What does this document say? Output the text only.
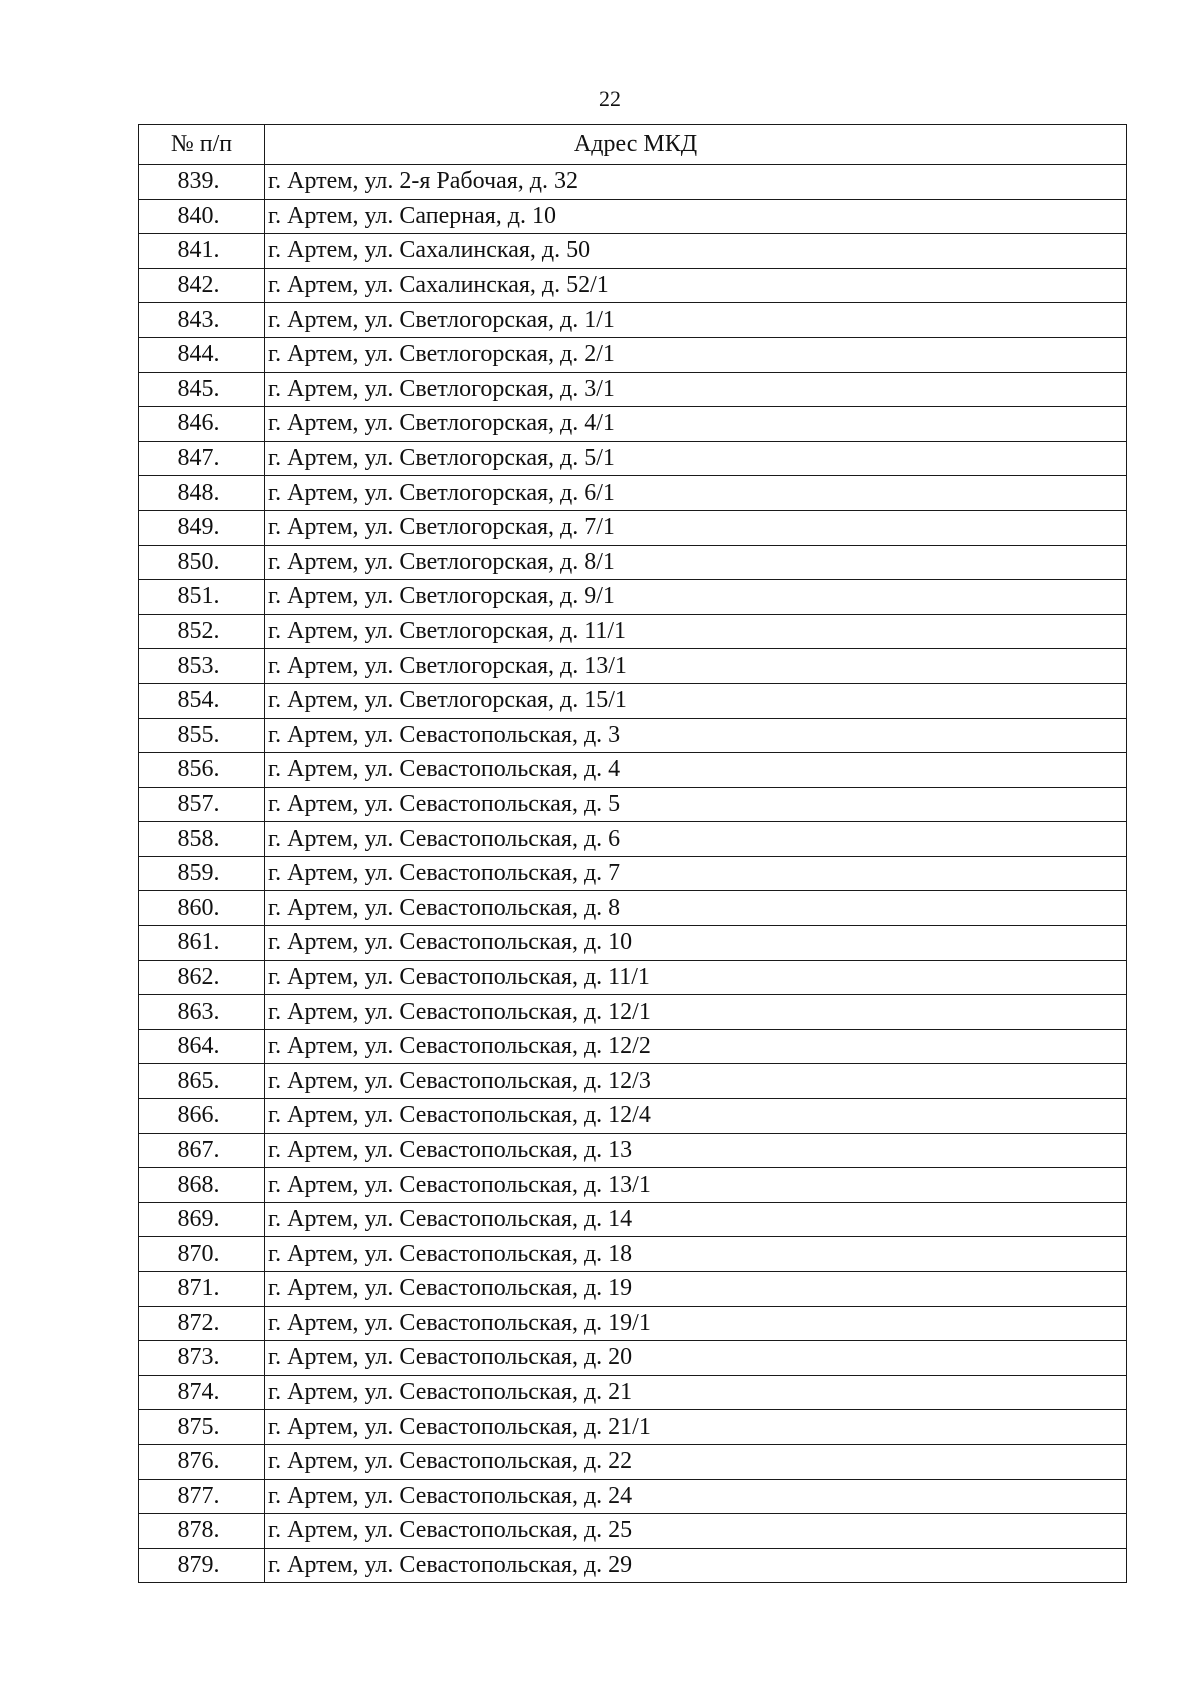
22
№ п/п	Адрес МКД
839.	г. Артем, ул. 2-я Рабочая, д. 32
840.	г. Артем, ул. Саперная, д. 10
841.	г. Артем, ул. Сахалинская, д. 50
842.	г. Артем, ул. Сахалинская, д. 52/1
843.	г. Артем, ул. Светлогорская, д. 1/1
844.	г. Артем, ул. Светлогорская, д. 2/1
845.	г. Артем, ул. Светлогорская, д. 3/1
846.	г. Артем, ул. Светлогорская, д. 4/1
847.	г. Артем, ул. Светлогорская, д. 5/1
848.	г. Артем, ул. Светлогорская, д. 6/1
849.	г. Артем, ул. Светлогорская, д. 7/1
850.	г. Артем, ул. Светлогорская, д. 8/1
851.	г. Артем, ул. Светлогорская, д. 9/1
852.	г. Артем, ул. Светлогорская, д. 11/1
853.	г. Артем, ул. Светлогорская, д. 13/1
854.	г. Артем, ул. Светлогорская, д. 15/1
855.	г. Артем, ул. Севастопольская, д. 3
856.	г. Артем, ул. Севастопольская, д. 4
857.	г. Артем, ул. Севастопольская, д. 5
858.	г. Артем, ул. Севастопольская, д. 6
859.	г. Артем, ул. Севастопольская, д. 7
860.	г. Артем, ул. Севастопольская, д. 8
861.	г. Артем, ул. Севастопольская, д. 10
862.	г. Артем, ул. Севастопольская, д. 11/1
863.	г. Артем, ул. Севастопольская, д. 12/1
864.	г. Артем, ул. Севастопольская, д. 12/2
865.	г. Артем, ул. Севастопольская, д. 12/3
866.	г. Артем, ул. Севастопольская, д. 12/4
867.	г. Артем, ул. Севастопольская, д. 13
868.	г. Артем, ул. Севастопольская, д. 13/1
869.	г. Артем, ул. Севастопольская, д. 14
870.	г. Артем, ул. Севастопольская, д. 18
871.	г. Артем, ул. Севастопольская, д. 19
872.	г. Артем, ул. Севастопольская, д. 19/1
873.	г. Артем, ул. Севастопольская, д. 20
874.	г. Артем, ул. Севастопольская, д. 21
875.	г. Артем, ул. Севастопольская, д. 21/1
876.	г. Артем, ул. Севастопольская, д. 22
877.	г. Артем, ул. Севастопольская, д. 24
878.	г. Артем, ул. Севастопольская, д. 25
879.	г. Артем, ул. Севастопольская, д. 29
